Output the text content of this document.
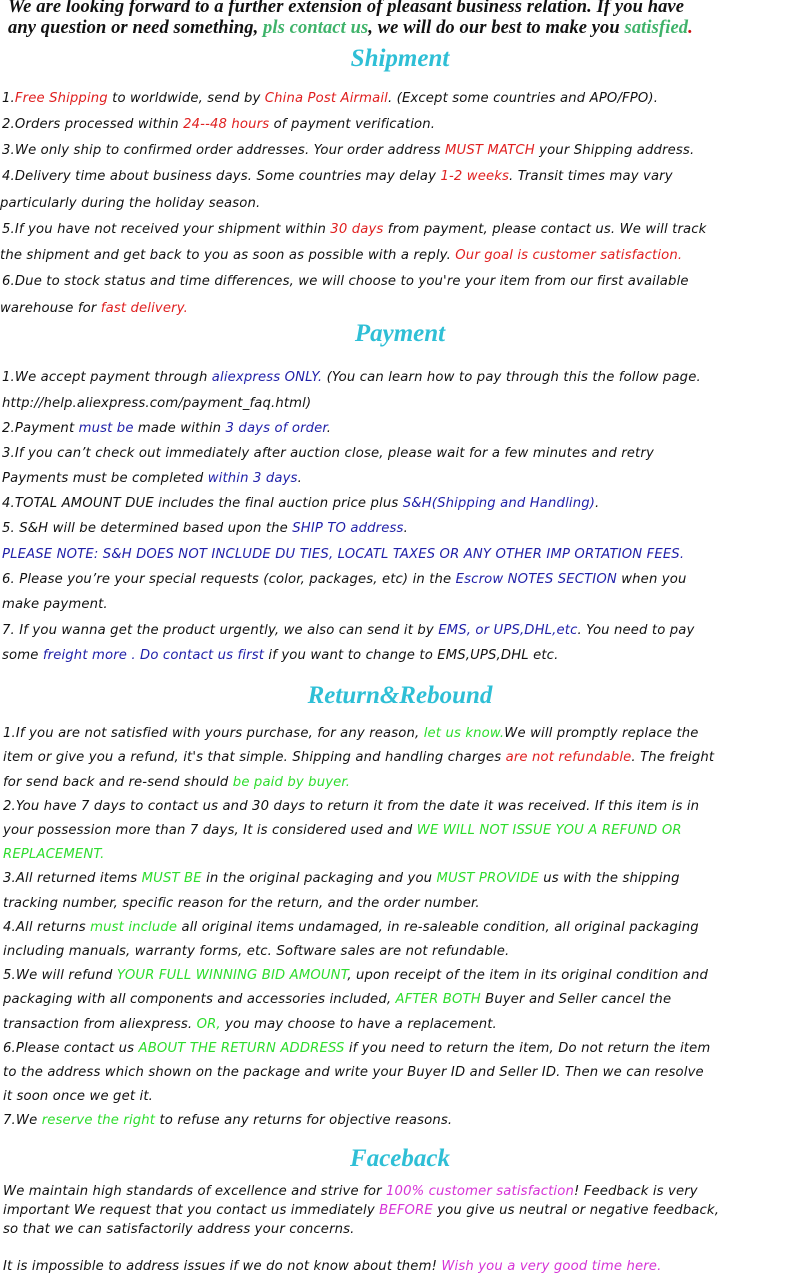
We are looking forward to a further extension of pleasant business relation. If you have
any question or need something, pls contact us, we will do our best to make you satisfied.
Shipment
1.Free Shipping to worldwide, send by China Post Airmail. (Except some countries and APO/FPO).
2.Orders processed within 24--48 hours of payment verification.
3.We only ship to confirmed order addresses. Your order address MUST MATCH your Shipping address.
4.Delivery time about business days. Some countries may delay 1-2 weeks. Transit times may vary
particularly during the holiday season.
5.If you have not received your shipment within 30 days from payment, please contact us. We will track
the shipment and get back to you as soon as possible with a reply. Our goal is customer satisfaction.
6.Due to stock status and time differences, we will choose to you're your item from our first available
warehouse for fast delivery.
Payment
1.We accept payment through aliexpress ONLY. (You can learn how to pay through this the follow page.
http://help.aliexpress.com/payment_faq.html)
2.Payment must be made within 3 days of order.
3.If you can’t check out immediately after auction close, please wait for a few minutes and retry
Payments must be completed within 3 days.
4.TOTAL AMOUNT DUE includes the final auction price plus S&H(Shipping and Handling).
5. S&H will be determined based upon the SHIP TO address.
PLEASE NOTE: S&H DOES NOT INCLUDE DU TIES, LOCATL TAXES OR ANY OTHER IMP ORTATION FEES.
6. Please you’re your special requests (color, packages, etc) in the Escrow NOTES SECTION when you
make payment.
7. If you wanna get the product urgently, we also can send it by EMS, or UPS,DHL,etc. You need to pay
some freight more . Do contact us first if you want to change to EMS,UPS,DHL etc.
Return&Rebound
1.If you are not satisfied with yours purchase, for any reason, let us know.We will promptly replace the
item or give you a refund, it's that simple. Shipping and handling charges are not refundable. The freight
for send back and re-send should be paid by buyer.
2.You have 7 days to contact us and 30 days to return it from the date it was received. If this item is in
your possession more than 7 days, It is considered used and WE WILL NOT ISSUE YOU A REFUND OR
REPLACEMENT.
3.All returned items MUST BE in the original packaging and you MUST PROVIDE us with the shipping
tracking number, specific reason for the return, and the order number.
4.All returns must include all original items undamaged, in re-saleable condition, all original packaging
including manuals, warranty forms, etc. Software sales are not refundable.
5.We will refund YOUR FULL WINNING BID AMOUNT, upon receipt of the item in its original condition and
packaging with all components and accessories included, AFTER BOTH Buyer and Seller cancel the
transaction from aliexpress. OR, you may choose to have a replacement.
6.Please contact us ABOUT THE RETURN ADDRESS if you need to return the item, Do not return the item
to the address which shown on the package and write your Buyer ID and Seller ID. Then we can resolve
it soon once we get it.
7.We reserve the right to refuse any returns for objective reasons.
Faceback
We maintain high standards of excellence and strive for 100% customer satisfaction! Feedback is very
important We request that you contact us immediately BEFORE you give us neutral or negative feedback,
so that we can satisfactorily address your concerns.
It is impossible to address issues if we do not know about them! Wish you a very good time here.
